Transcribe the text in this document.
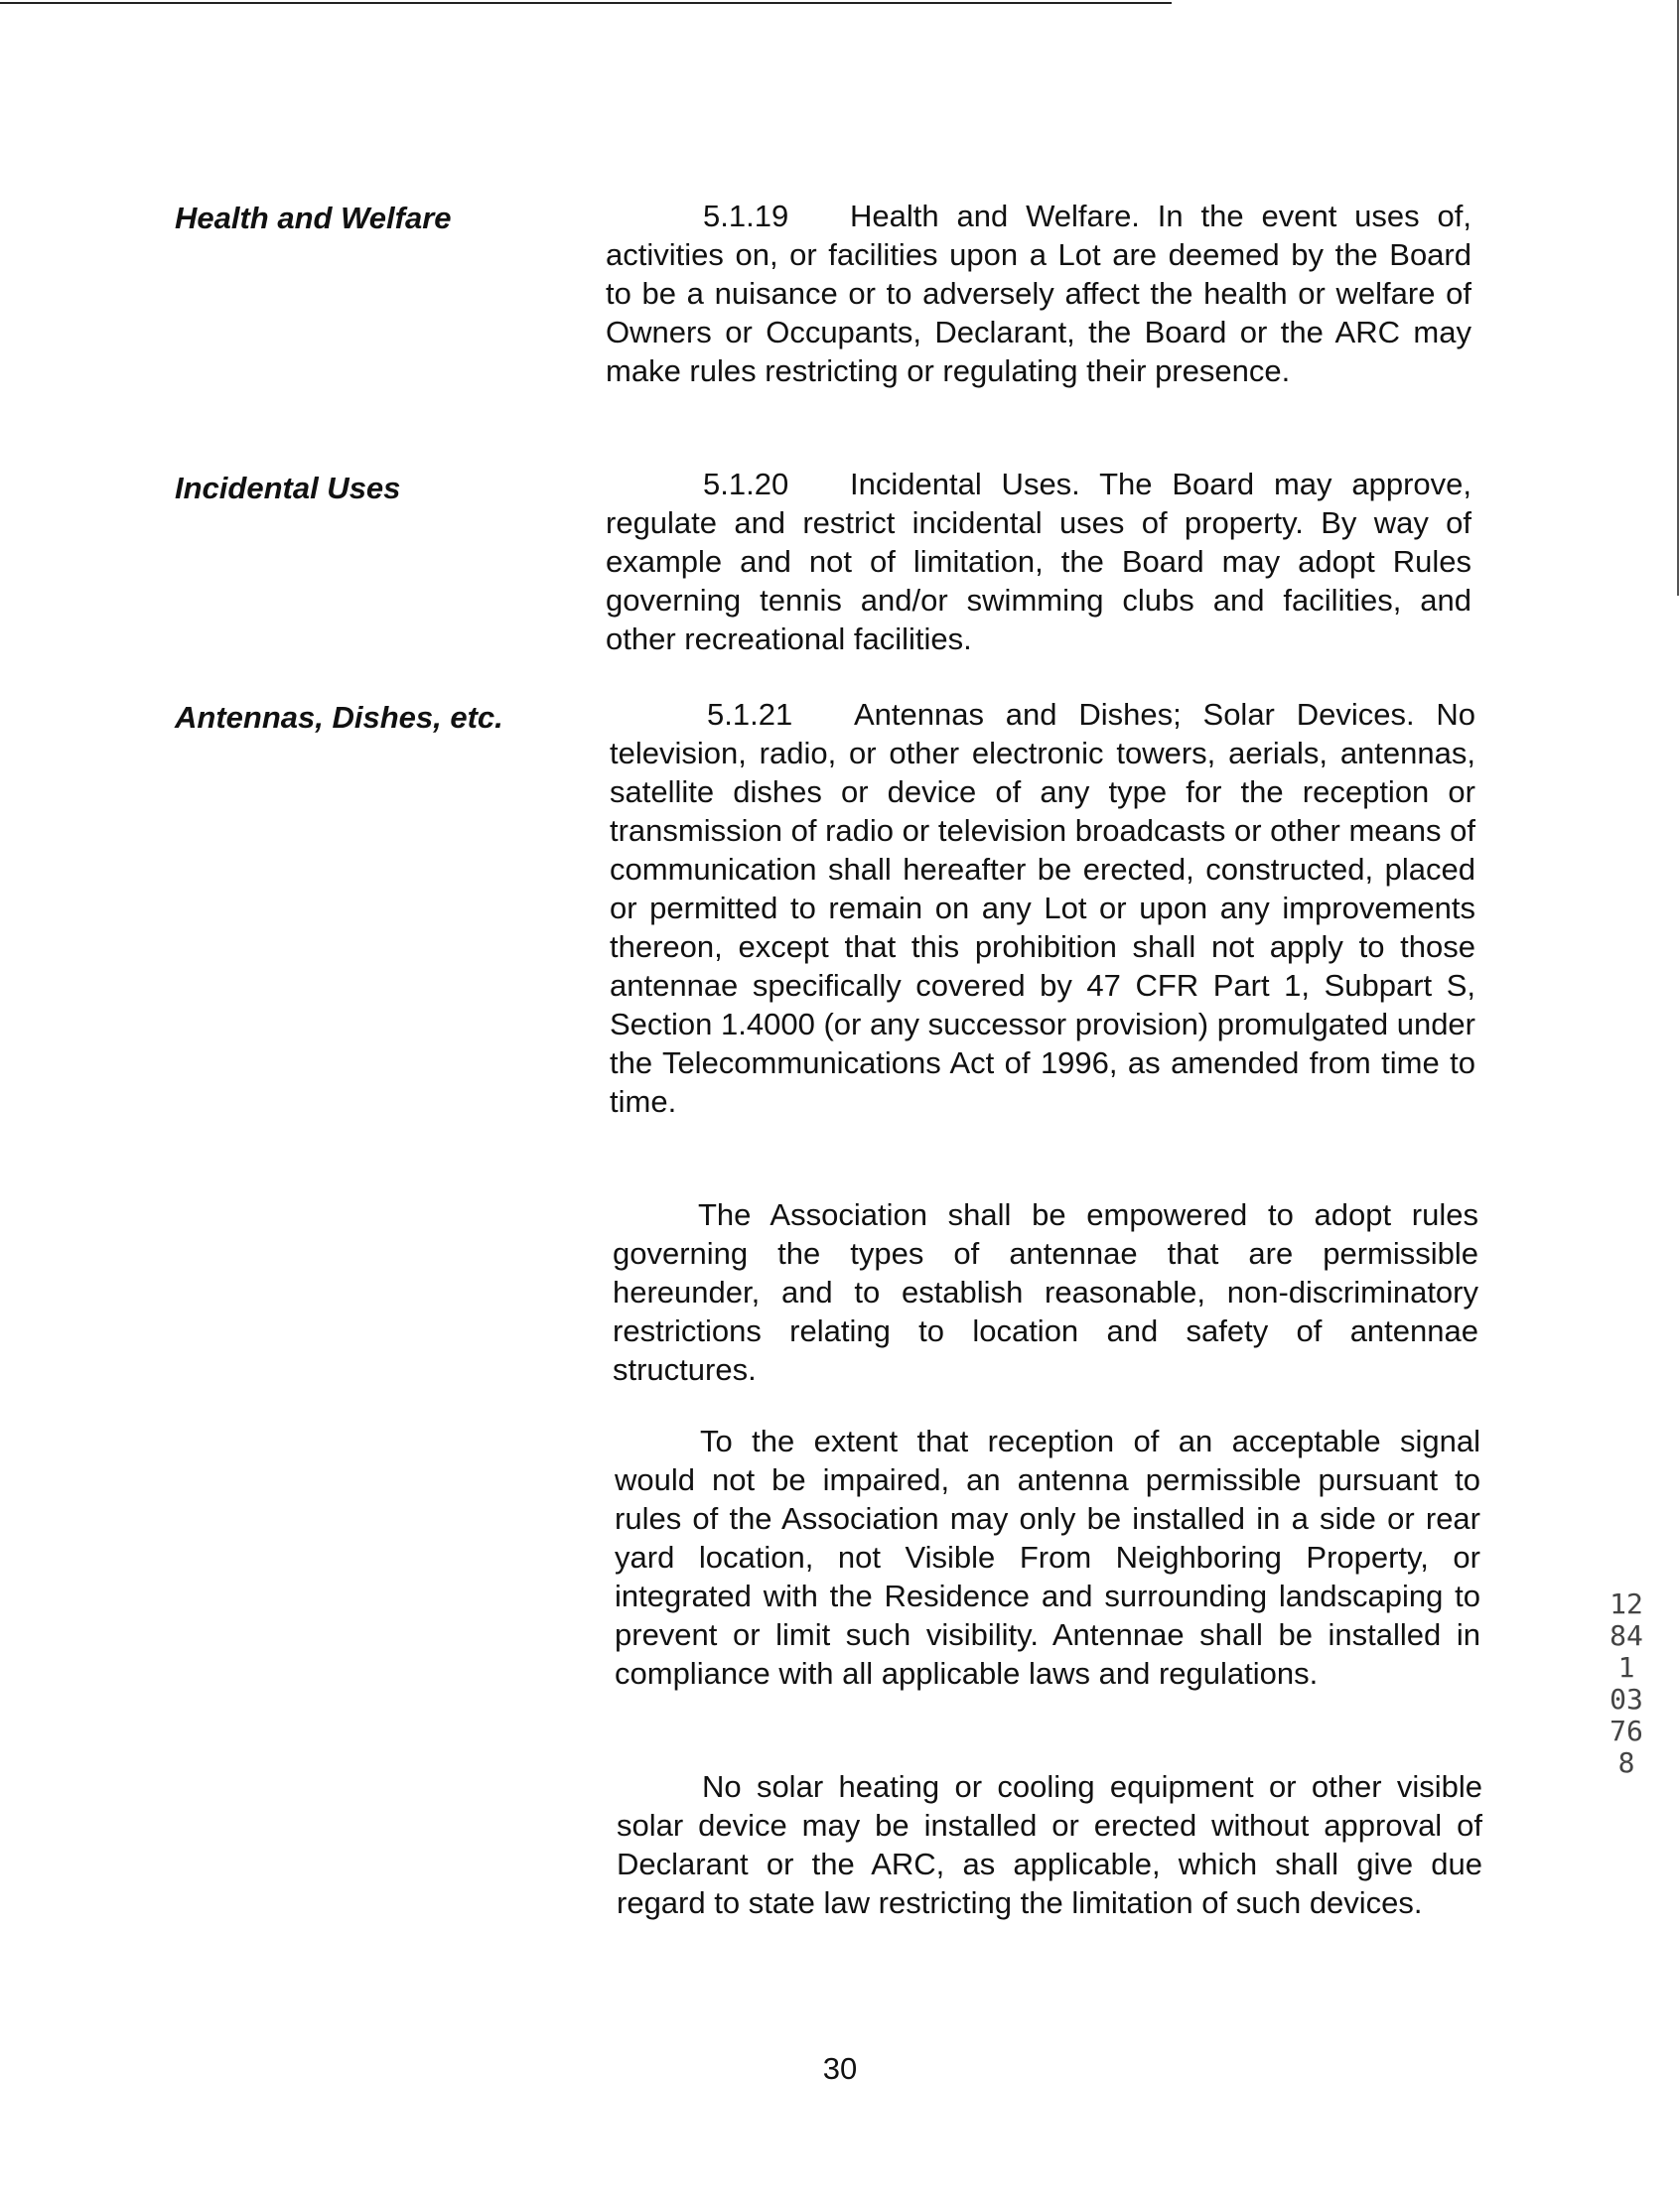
Health and Welfare	5.1.19 Health and Welfare. In the event uses of, activities on, or facilities upon a Lot are deemed by the Board to be a nuisance or to adversely affect the health or welfare of Owners or Occupants, Declarant, the Board or the ARC may make rules restricting or regulating their presence.

Incidental Uses	5.1.20 Incidental Uses. The Board may approve, regulate and restrict incidental uses of property. By way of example and not of limitation, the Board may adopt Rules governing tennis and/or swimming clubs and facilities, and other recreational facilities.

Antennas, Dishes, etc.	5.1.21 Antennas and Dishes; Solar Devices. No television, radio, or other electronic towers, aerials, antennas, satellite dishes or device of any type for the reception or transmission of radio or television broadcasts or other means of communication shall hereafter be erected, constructed, placed or permitted to remain on any Lot or upon any improvements thereon, except that this prohibition shall not apply to those antennae specifically covered by 47 CFR Part 1, Subpart S, Section 1.4000 (or any successor provision) promulgated under the Telecommunications Act of 1996, as amended from time to time.

The Association shall be empowered to adopt rules governing the types of antennae that are permissible hereunder, and to establish reasonable, non-discriminatory restrictions relating to location and safety of antennae structures.

To the extent that reception of an acceptable signal would not be impaired, an antenna permissible pursuant to rules of the Association may only be installed in a side or rear yard location, not Visible From Neighboring Property, or integrated with the Residence and surrounding landscaping to prevent or limit such visibility. Antennae shall be installed in compliance with all applicable laws and regulations.

No solar heating or cooling equipment or other visible solar device may be installed or erected without approval of Declarant or the ARC, as applicable, which shall give due regard to state law restricting the limitation of such devices.

30
12841 03768
